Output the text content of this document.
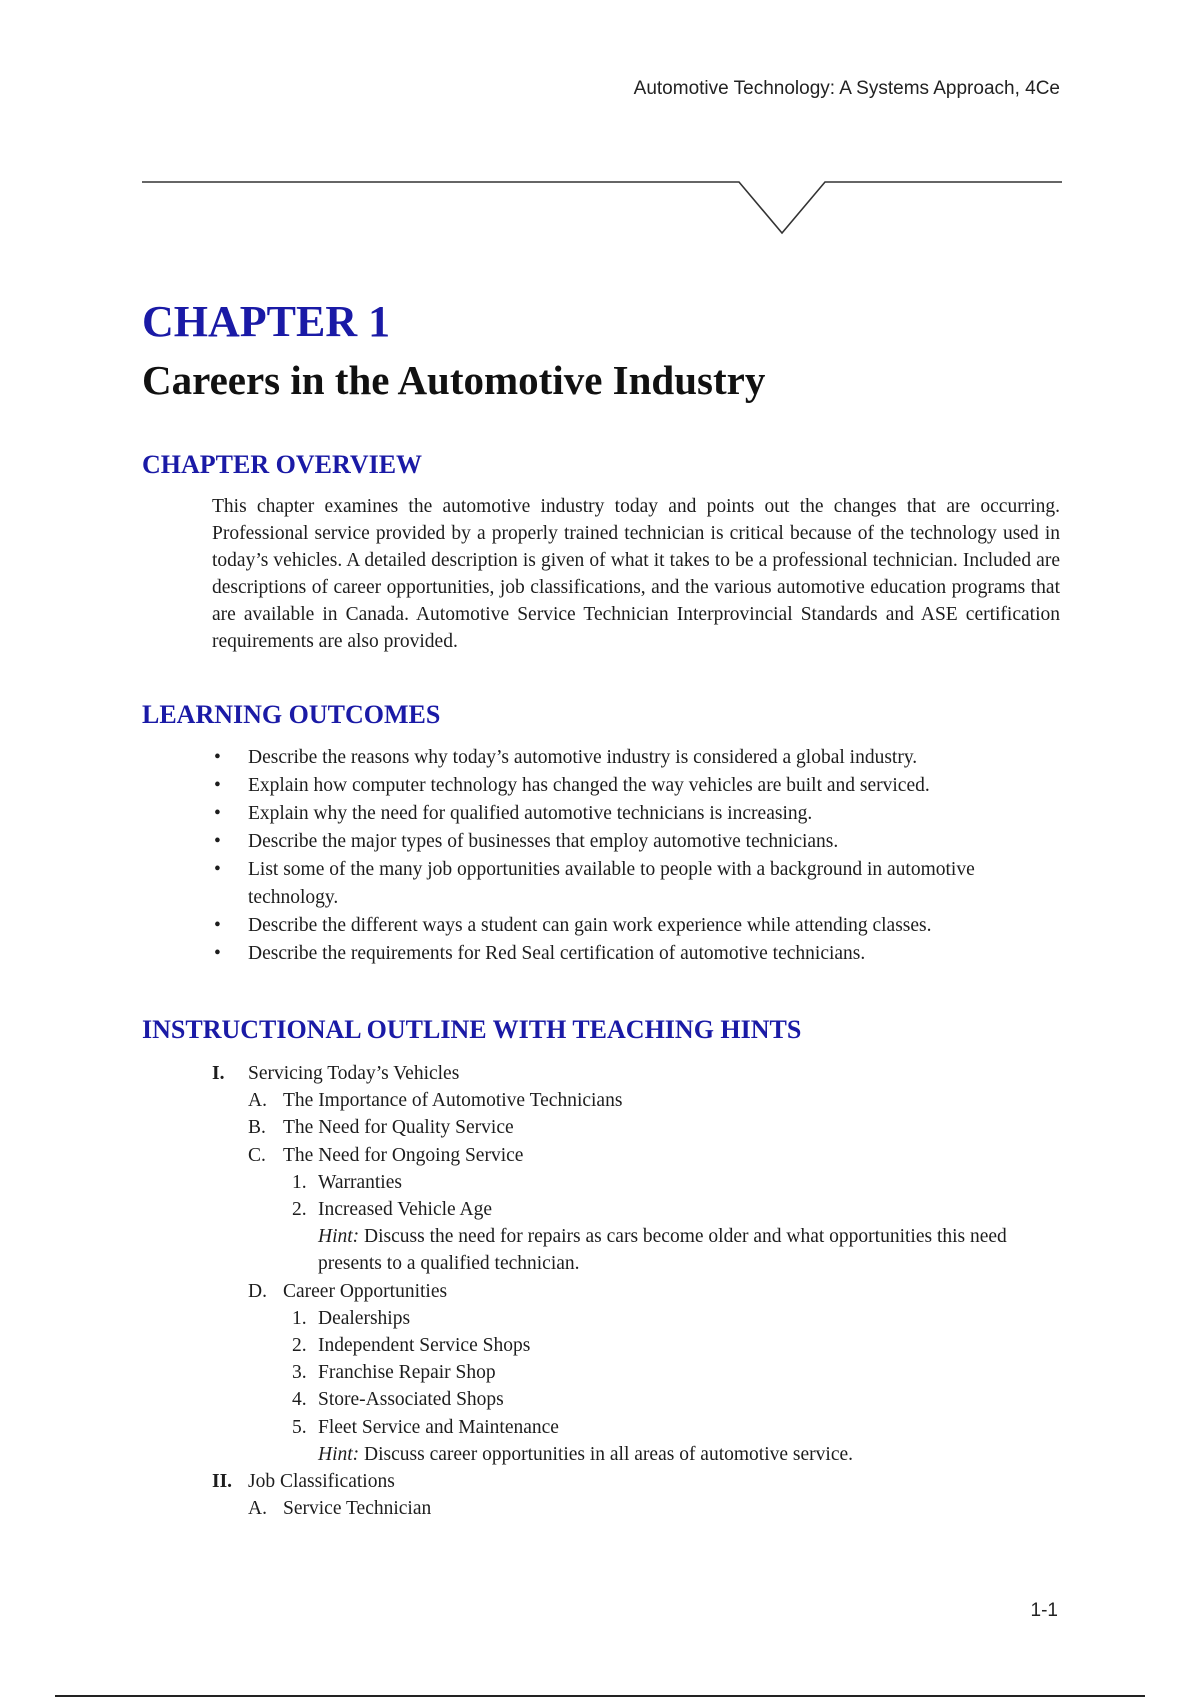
Automotive Technology: A Systems Approach, 4Ce
CHAPTER 1
Careers in the Automotive Industry
CHAPTER OVERVIEW

This chapter examines the automotive industry today and points out the changes that are occurring. Professional service provided by a properly trained technician is critical because of the technology used in today’s vehicles. A detailed description is given of what it takes to be a professional technician. Included are descriptions of career opportunities, job classifications, and the various automotive education programs that are available in Canada. Automotive Service Technician Interprovincial Standards and ASE certification requirements are also provided.

LEARNING OUTCOMES
• Describe the reasons why today’s automotive industry is considered a global industry.
• Explain how computer technology has changed the way vehicles are built and serviced.
• Explain why the need for qualified automotive technicians is increasing.
• Describe the major types of businesses that employ automotive technicians.
• List some of the many job opportunities available to people with a background in automotive technology.
• Describe the different ways a student can gain work experience while attending classes.
• Describe the requirements for Red Seal certification of automotive technicians.
INSTRUCTIONAL OUTLINE WITH TEACHING HINTS
I. Servicing Today’s Vehicles
A. The Importance of Automotive Technicians
B. The Need for Quality Service
C. The Need for Ongoing Service
1. Warranties
2. Increased Vehicle Age
Hint: Discuss the need for repairs as cars become older and what opportunities this need presents to a qualified technician.
D. Career Opportunities
1. Dealerships
2. Independent Service Shops
3. Franchise Repair Shop
4. Store-Associated Shops
5. Fleet Service and Maintenance
Hint: Discuss career opportunities in all areas of automotive service.
II. Job Classifications
A. Service Technician
1-1
